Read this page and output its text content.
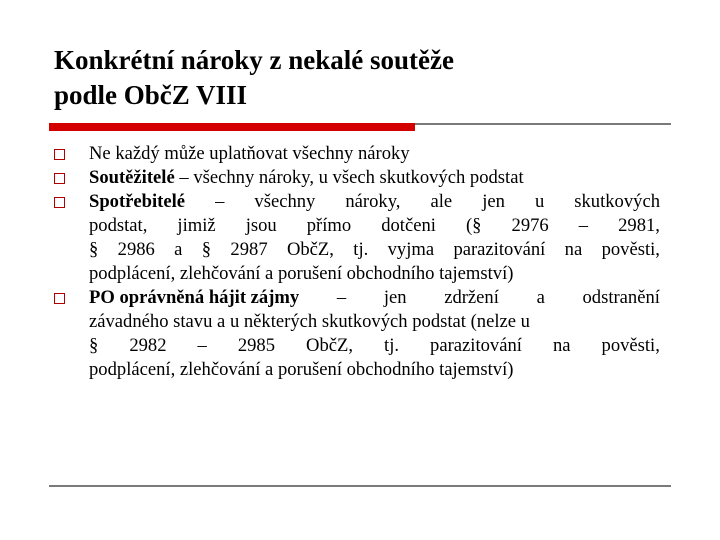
Konkrétní nároky z nekalé soutěže
podle ObčZ VIII
Ne každý může uplatňovat všechny nároky
Soutěžitelé – všechny nároky, u všech skutkových podstat
Spotřebitelé – všechny nároky, ale jen u skutkových
podstat, jimiž jsou přímo dotčeni (§ 2976 – 2981,
§ 2986 a § 2987 ObčZ, tj. vyjma parazitování na pověsti,
podplácení, zlehčování a porušení obchodního tajemství)
PO oprávněná hájit zájmy – jen zdržení a odstranění
závadného stavu a u některých skutkových podstat (nelze u
§ 2982 – 2985 ObčZ, tj. parazitování na pověsti,
podplácení, zlehčování a porušení obchodního tajemství)
